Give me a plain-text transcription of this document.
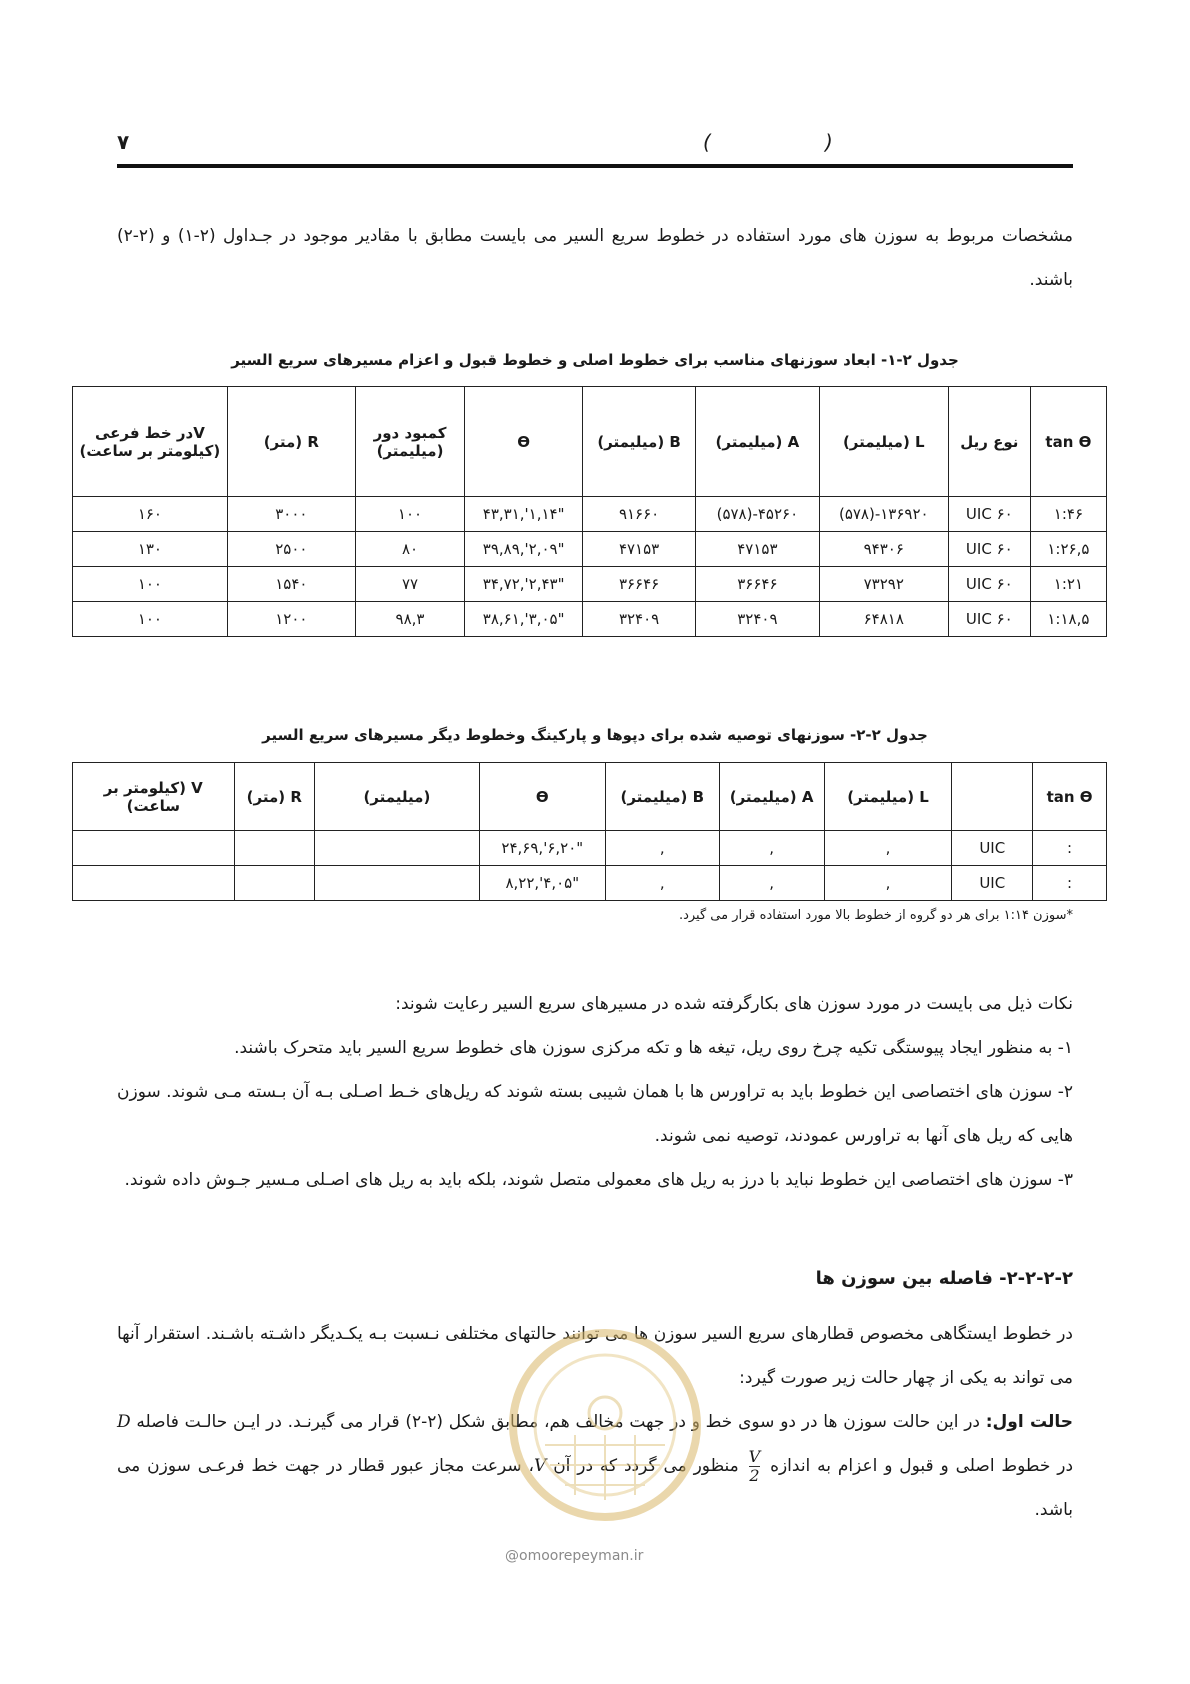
۷	(	)
مشخصات مربوط به سوزن های مورد استفاده در خطوط سریع السیر می بایست مطابق با مقادیر موجود در جـداول (۲-۱) و (۲-۲) باشند.
جدول ۲-۱- ابعاد سوزنهای مناسب برای خطوط اصلی و خطوط قبول و اعزام مسیرهای سریع السیر
tan Ɵ	نوع ریل	L (میلیمتر)	A (میلیمتر)	B (میلیمتر)	Ɵ	کمبود دور (میلیمتر)	R (متر)	Vدر خط فرعی (کیلومتر بر ساعت)
۱:۴۶	UIC ۶۰	۱۳۶۹۲۰-(۵۷۸)	۴۵۲۶۰-(۵۷۸)	۹۱۶۶۰	"۱,۱۴',۴۳,۳۱	۱۰۰	۳۰۰۰	۱۶۰
۱:۲۶,۵	UIC ۶۰	۹۴۳۰۶	۴۷۱۵۳	۴۷۱۵۳	"۲,۰۹',۳۹,۸۹	۸۰	۲۵۰۰	۱۳۰
۱:۲۱	UIC ۶۰	۷۳۲۹۲	۳۶۶۴۶	۳۶۶۴۶	"۲,۴۳',۳۴,۷۲	۷۷	۱۵۴۰	۱۰۰
۱:۱۸,۵	UIC ۶۰	۶۴۸۱۸	۳۲۴۰۹	۳۲۴۰۹	"۳,۰۵',۳۸,۶۱	۹۸,۳	۱۲۰۰	۱۰۰
جدول ۲-۲- سوزنهای توصیه شده برای دپوها و پارکینگ وخطوط دیگر مسیرهای سریع السیر
tan Ɵ		L (میلیمتر)	A (میلیمتر)	B (میلیمتر)	Ɵ	(میلیمتر)	R (متر)	V (کیلومتر بر ساعت)
:	UIC	,	,	,	"۶,۲۰',۲۴,۶۹			
:	UIC	,	,	,	"۴,۰۵',۸,۲۲			
*سوزن ۱:۱۴ برای هر دو گروه از خطوط بالا مورد استفاده قرار می گیرد.
نکات ذیل می بایست در مورد سوزن های بکارگرفته شده در مسیرهای سریع السیر رعایت شوند:
۱- به منظور ایجاد پیوستگی تکیه چرخ روی ریل، تیغه ها و تکه مرکزی سوزن های خطوط سریع السیر باید متحرک باشند.
۲- سوزن های اختصاصی این خطوط باید به تراورس ها با همان شیبی بسته شوند که ریل‌های خـط اصـلی بـه آن بـسته مـی شوند. سوزن هایی که ریل های آنها به تراورس عمودند، توصیه نمی شوند.
۳- سوزن های اختصاصی این خطوط نباید با درز به ریل های معمولی متصل شوند، بلکه باید به ریل های اصـلی مـسیر جـوش داده شوند.
۲-۲-۲-۲- فاصله بین سوزن ها
در خطوط ایستگاهی مخصوص قطارهای سریع السیر سوزن ها می توانند حالتهای مختلفی نـسبت بـه یکـدیگر داشـته باشـند. استقرار آنها می تواند به یکی از چهار حالت زیر صورت گیرد:
حالت اول: در این حالت سوزن ها در دو سوی خط و در جهت مخالف هم، مطابق شکل (۲-۲) قرار می گیرنـد. در ایـن حالـت فاصله D در خطوط اصلی و قبول و اعزام به اندازه
$\frac{V}{2}$
منظور می گردد که در آن V، سرعت مجاز عبور قطار در جهت خط فرعـی سوزن می باشد.
@omoorepeyman.ir
